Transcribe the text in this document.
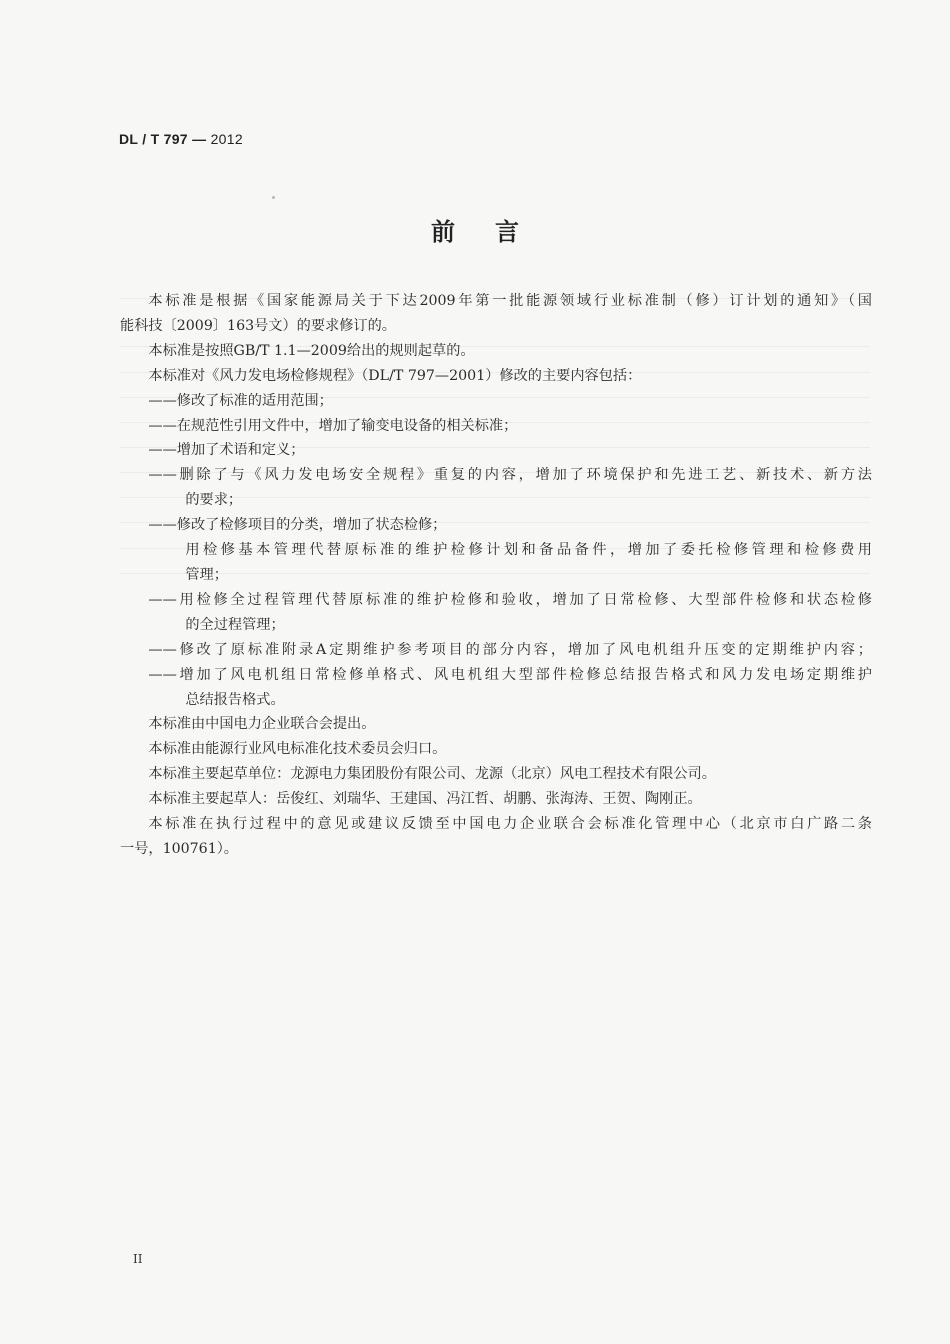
DL / T 797 — 2012
前言

本标准是根据《国家能源局关于下达2009年第一批能源领域行业标准制（修）订计划的通知》（国

能科技〔2009〕163号文）的要求修订的。

本标准是按照GB/T 1.1—2009给出的规则起草的。

本标准对《风力发电场检修规程》（DL/T 797—2001）修改的主要内容包括：

——修改了标准的适用范围；

——在规范性引用文件中，增加了输变电设备的相关标准；

——增加了术语和定义；

——删除了与《风力发电场安全规程》重复的内容，增加了环境保护和先进工艺、新技术、新方法

的要求；

——修改了检修项目的分类，增加了状态检修；

用检修基本管理代替原标准的维护检修计划和备品备件，增加了委托检修管理和检修费用

管理；

——用检修全过程管理代替原标准的维护检修和验收，增加了日常检修、大型部件检修和状态检修

的全过程管理；

——修改了原标准附录A定期维护参考项目的部分内容，增加了风电机组升压变的定期维护内容；

——增加了风电机组日常检修单格式、风电机组大型部件检修总结报告格式和风力发电场定期维护

总结报告格式。

本标准由中国电力企业联合会提出。

本标准由能源行业风电标准化技术委员会归口。

本标准主要起草单位：龙源电力集团股份有限公司、龙源（北京）风电工程技术有限公司。

本标准主要起草人：岳俊红、刘瑞华、王建国、冯江哲、胡鹏、张海涛、王贺、陶刚正。

本标准在执行过程中的意见或建议反馈至中国电力企业联合会标准化管理中心（北京市白广路二条

一号，100761）。

II
